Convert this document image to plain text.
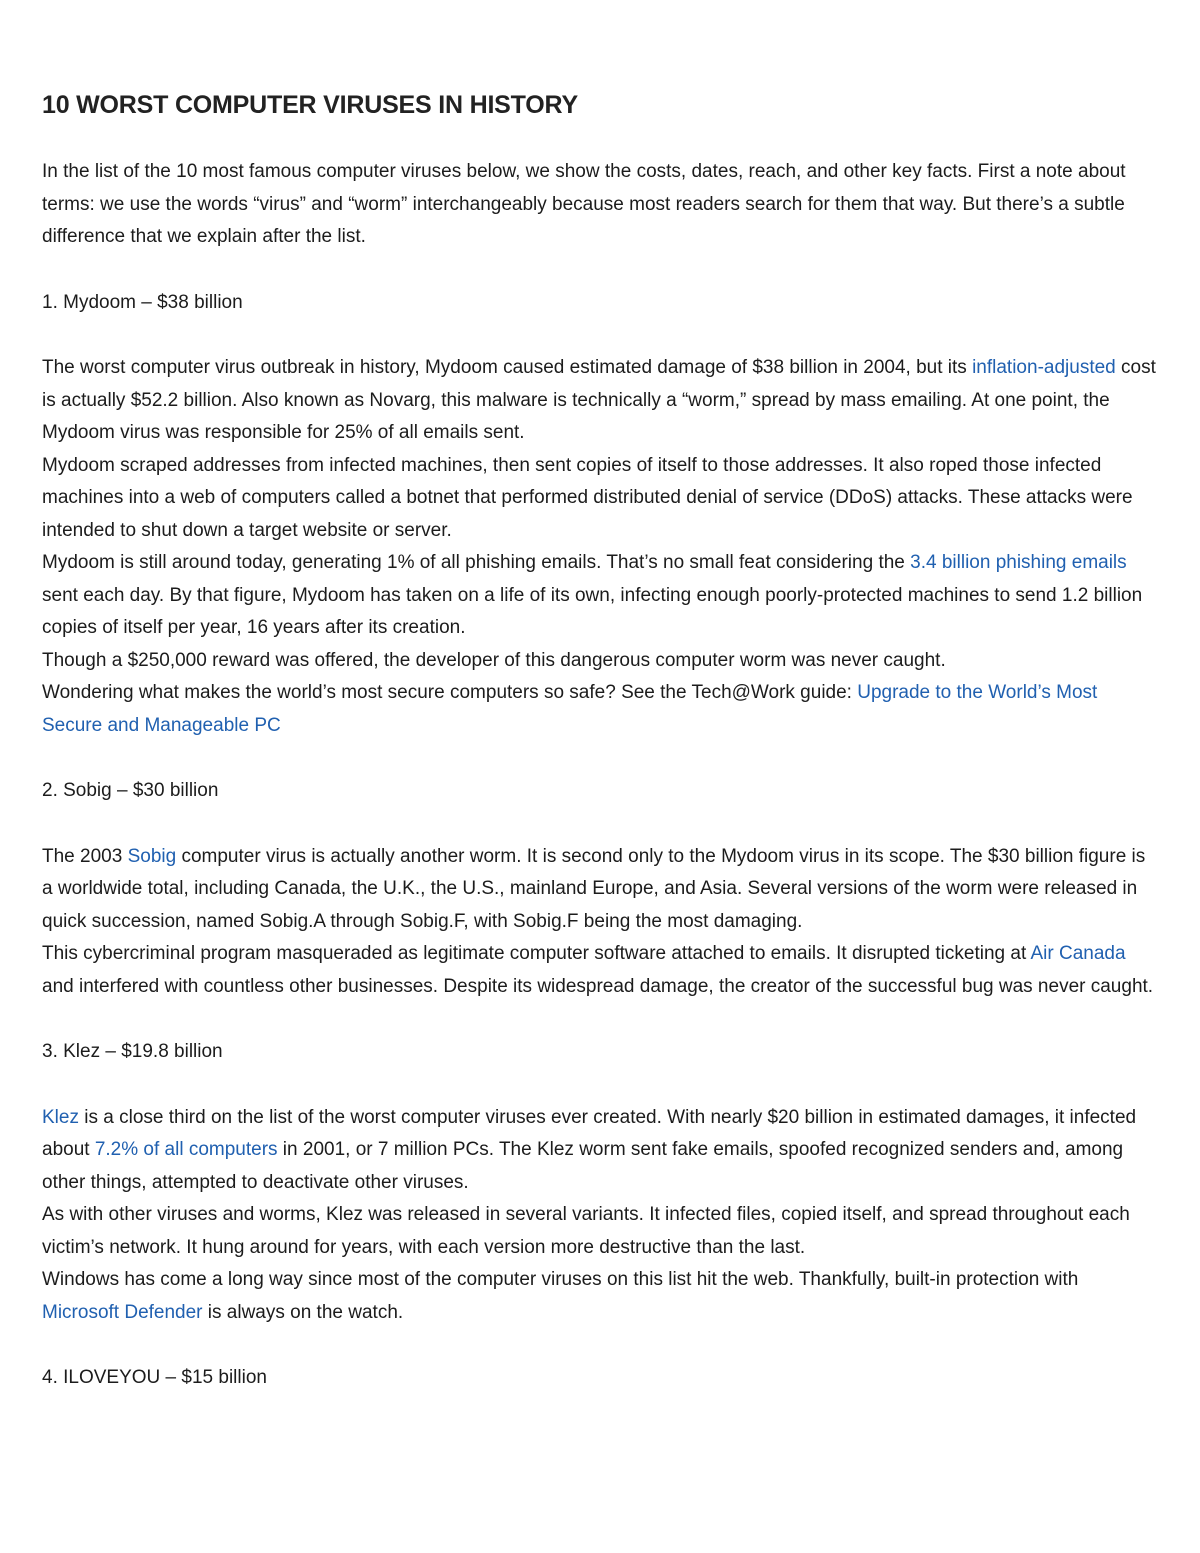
10 WORST COMPUTER VIRUSES IN HISTORY

In the list of the 10 most famous computer viruses below, we show the costs, dates, reach, and other key facts. First a note about terms: we use the words “virus” and “worm” interchangeably because most readers search for them that way. But there’s a subtle difference that we explain after the list.

1. Mydoom – $38 billion

The worst computer virus outbreak in history, Mydoom caused estimated damage of $38 billion in 2004, but its inflation-adjusted cost is actually $52.2 billion. Also known as Novarg, this malware is technically a “worm,” spread by mass emailing. At one point, the Mydoom virus was responsible for 25% of all emails sent.

Mydoom scraped addresses from infected machines, then sent copies of itself to those addresses. It also roped those infected machines into a web of computers called a botnet that performed distributed denial of service (DDoS) attacks. These attacks were intended to shut down a target website or server.

Mydoom is still around today, generating 1% of all phishing emails. That’s no small feat considering the 3.4 billion phishing emails sent each day. By that figure, Mydoom has taken on a life of its own, infecting enough poorly-protected machines to send 1.2 billion copies of itself per year, 16 years after its creation.

Though a $250,000 reward was offered, the developer of this dangerous computer worm was never caught.

Wondering what makes the world’s most secure computers so safe? See the Tech@Work guide: Upgrade to the World’s Most Secure and Manageable PC

2. Sobig – $30 billion

The 2003 Sobig computer virus is actually another worm. It is second only to the Mydoom virus in its scope. The $30 billion figure is a worldwide total, including Canada, the U.K., the U.S., mainland Europe, and Asia. Several versions of the worm were released in quick succession, named Sobig.A through Sobig.F, with Sobig.F being the most damaging.

This cybercriminal program masqueraded as legitimate computer software attached to emails. It disrupted ticketing at Air Canada and interfered with countless other businesses. Despite its widespread damage, the creator of the successful bug was never caught.

3. Klez – $19.8 billion

Klez is a close third on the list of the worst computer viruses ever created. With nearly $20 billion in estimated damages, it infected about 7.2% of all computers in 2001, or 7 million PCs. The Klez worm sent fake emails, spoofed recognized senders and, among other things, attempted to deactivate other viruses.

As with other viruses and worms, Klez was released in several variants. It infected files, copied itself, and spread throughout each victim’s network. It hung around for years, with each version more destructive than the last.

Windows has come a long way since most of the computer viruses on this list hit the web. Thankfully, built-in protection with Microsoft Defender is always on the watch.

4. ILOVEYOU – $15 billion
